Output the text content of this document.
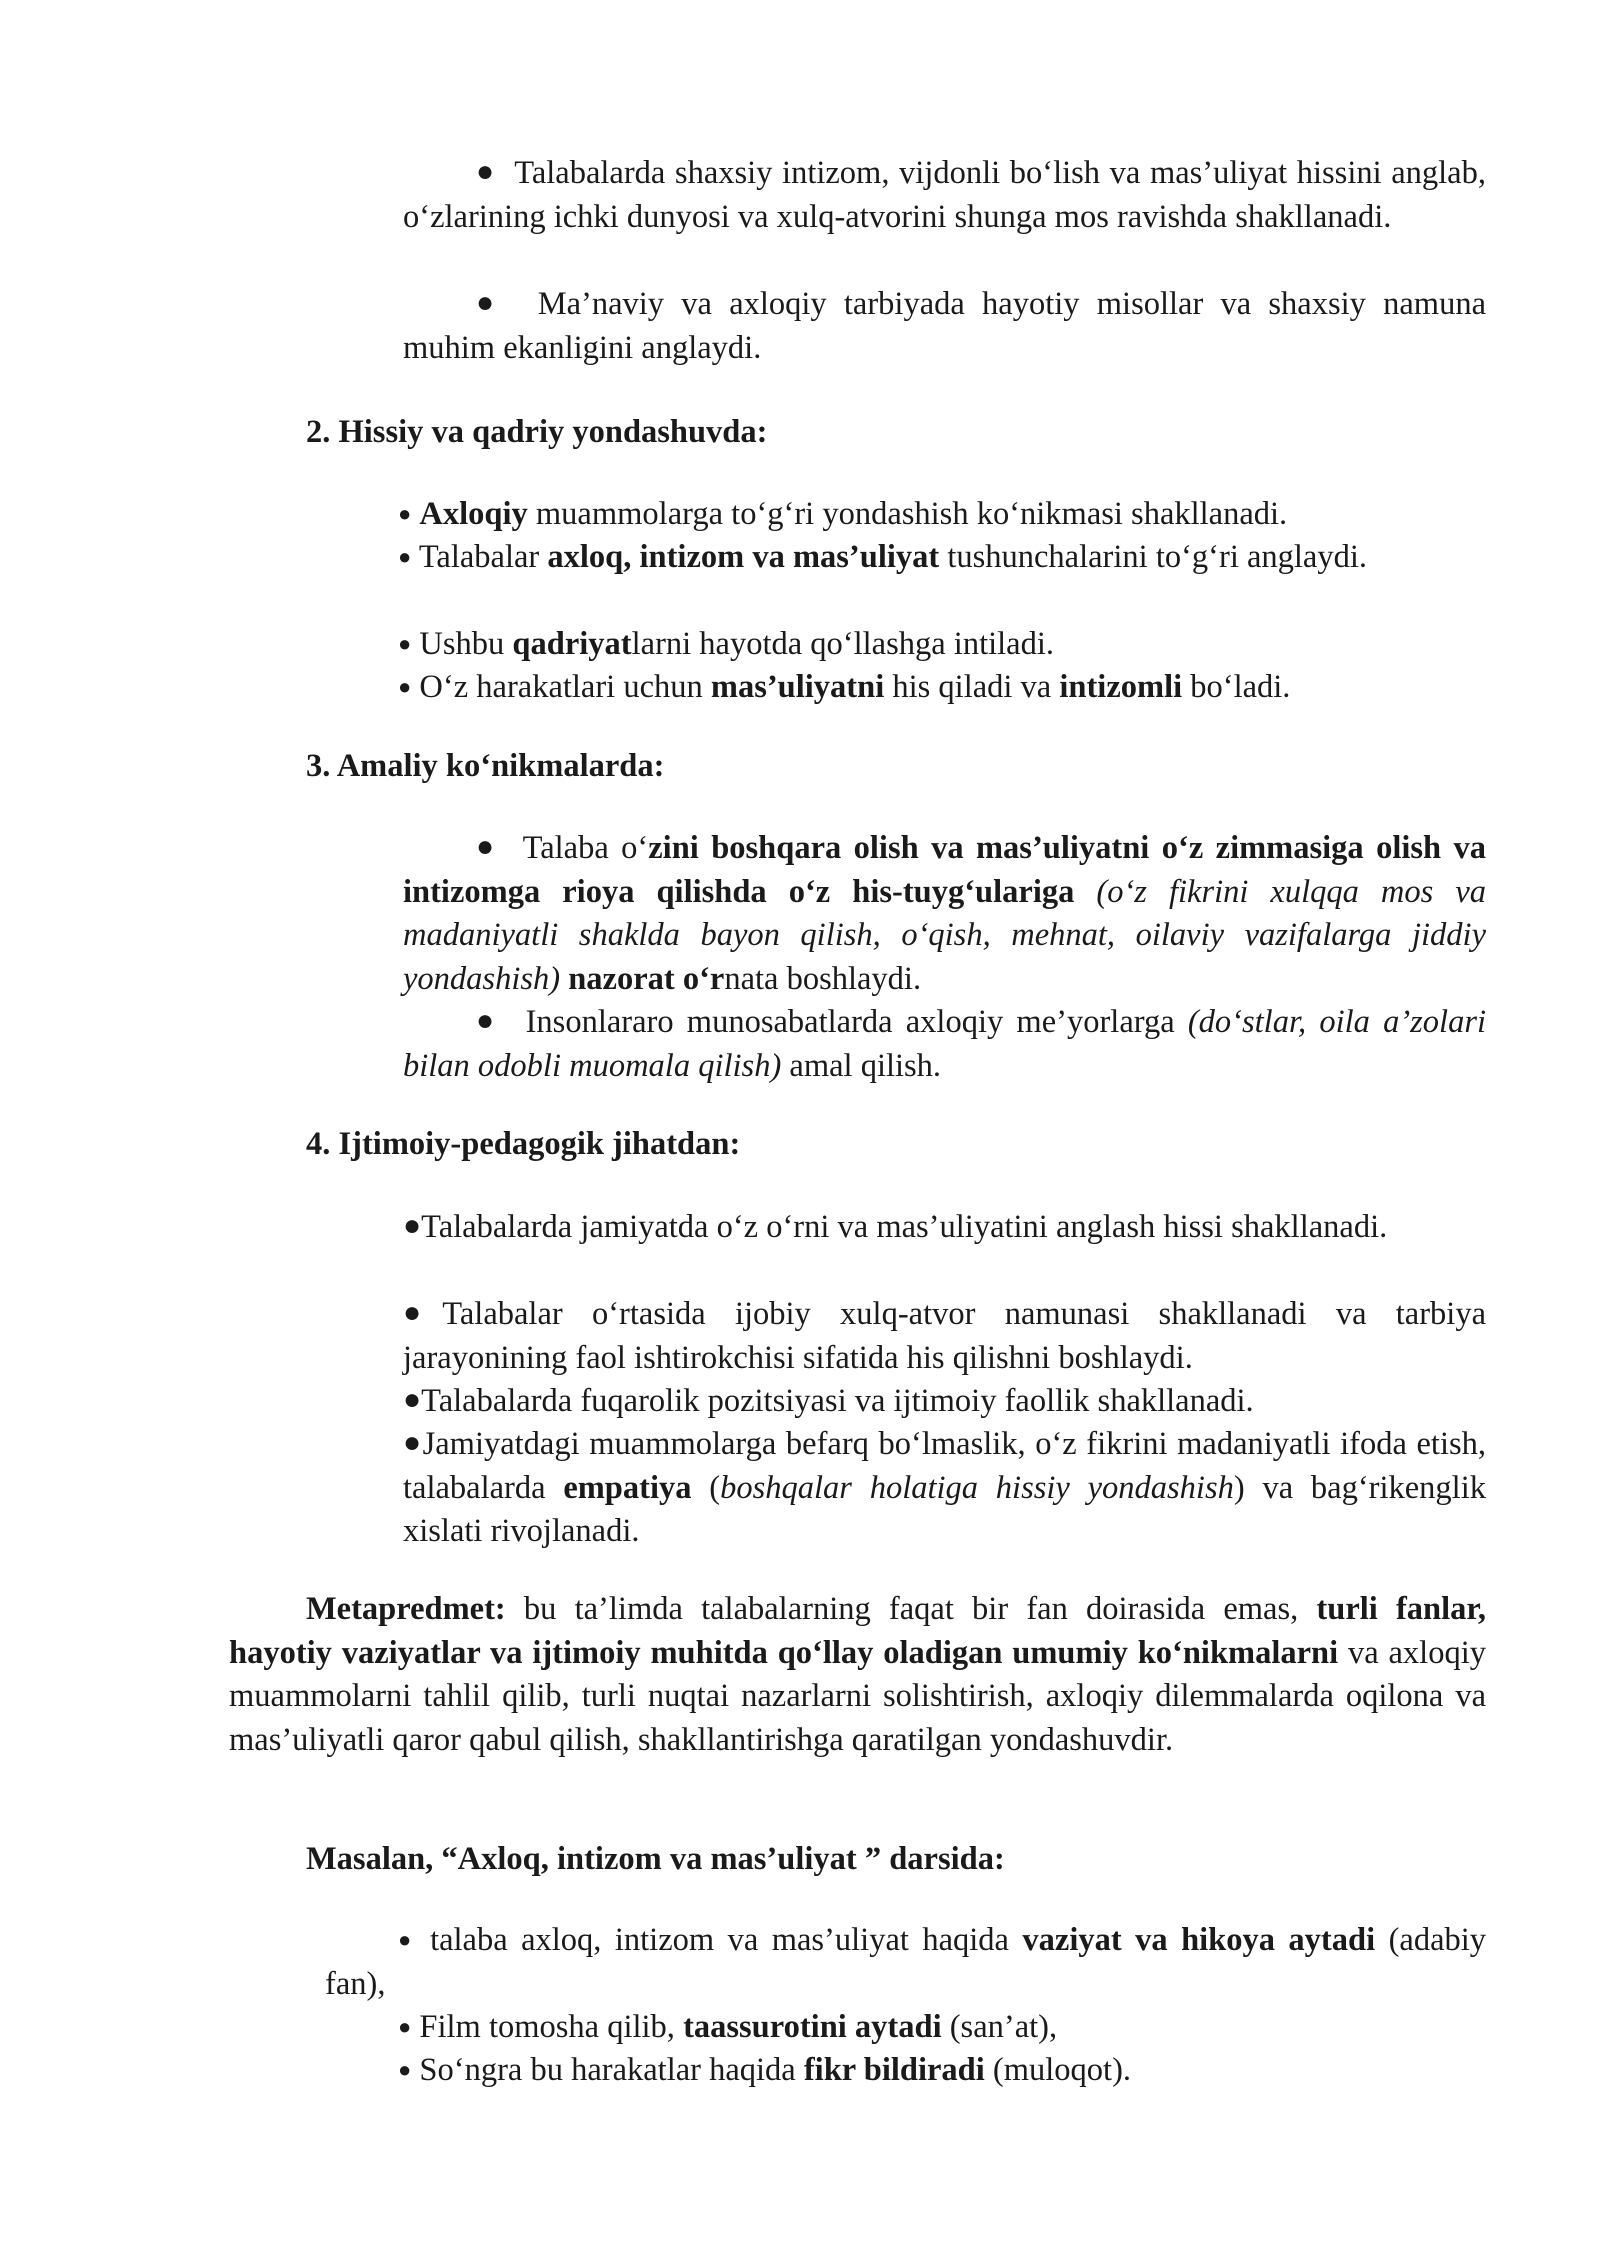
● Talabalarda shaxsiy intizom, vijdonli bo‘lish va mas’uliyat hissini anglab, o‘zlarining ichki dunyosi va xulq-atvorini shunga mos ravishda shakllanadi.

● Ma’naviy va axloqiy tarbiyada hayotiy misollar va shaxsiy namuna muhim ekanligini anglaydi.

2. Hissiy va qadriy yondashuvda:

● Axloqiy muammolarga to‘g‘ri yondashish ko‘nikmasi shakllanadi.

● Talabalar axloq, intizom va mas’uliyat tushunchalarini to‘g‘ri anglaydi.

● Ushbu qadriyatlarni hayotda qo‘llashga intiladi.

● O‘z harakatlari uchun mas’uliyatni his qiladi va intizomli bo‘ladi.

3. Amaliy ko‘nikmalarda:

● Talaba o‘zini boshqara olish va mas’uliyatni o‘z zimmasiga olish va intizomga rioya qilishda o‘z his-tuyg‘ulariga (o‘z fikrini xulqqa mos va madaniyatli shaklda bayon qilish, o‘qish, mehnat, oilaviy vazifalarga jiddiy yondashish) nazorat o‘rnata boshlaydi.

● Insonlararo munosabatlarda axloqiy me’yorlarga (do‘stlar, oila a’zolari bilan odobli muomala qilish) amal qilish.

4. Ijtimoiy-pedagogik jihatdan:

●Talabalarda jamiyatda o‘z o‘rni va mas’uliyatini anglash hissi shakllanadi.

●Talabalar o‘rtasida ijobiy xulq-atvor namunasi shakllanadi va tarbiya jarayonining faol ishtirokchisi sifatida his qilishni boshlaydi.

●Talabalarda fuqarolik pozitsiyasi va ijtimoiy faollik shakllanadi.

●Jamiyatdagi muammolarga befarq bo‘lmaslik, o‘z fikrini madaniyatli ifoda etish, talabalarda empatiya (boshqalar holatiga hissiy yondashish) va bag‘rikenglik xislati rivojlanadi.

Metapredmet: bu ta’limda talabalarning faqat bir fan doirasida emas, turli fanlar, hayotiy vaziyatlar va ijtimoiy muhitda qo‘llay oladigan umumiy ko‘nikmalarni va axloqiy muammolarni tahlil qilib, turli nuqtai nazarlarni solishtirish, axloqiy dilemmalarda oqilona va mas’uliyatli qaror qabul qilish, shakllantirishga qaratilgan yondashuvdir.

Masalan, “Axloq, intizom va mas’uliyat ” darsida:

● talaba axloq, intizom va mas’uliyat haqida vaziyat va hikoya aytadi (adabiy fan),

● Film tomosha qilib, taassurotini aytadi (san’at),

● So‘ngra bu harakatlar haqida fikr bildiradi (muloqot).
